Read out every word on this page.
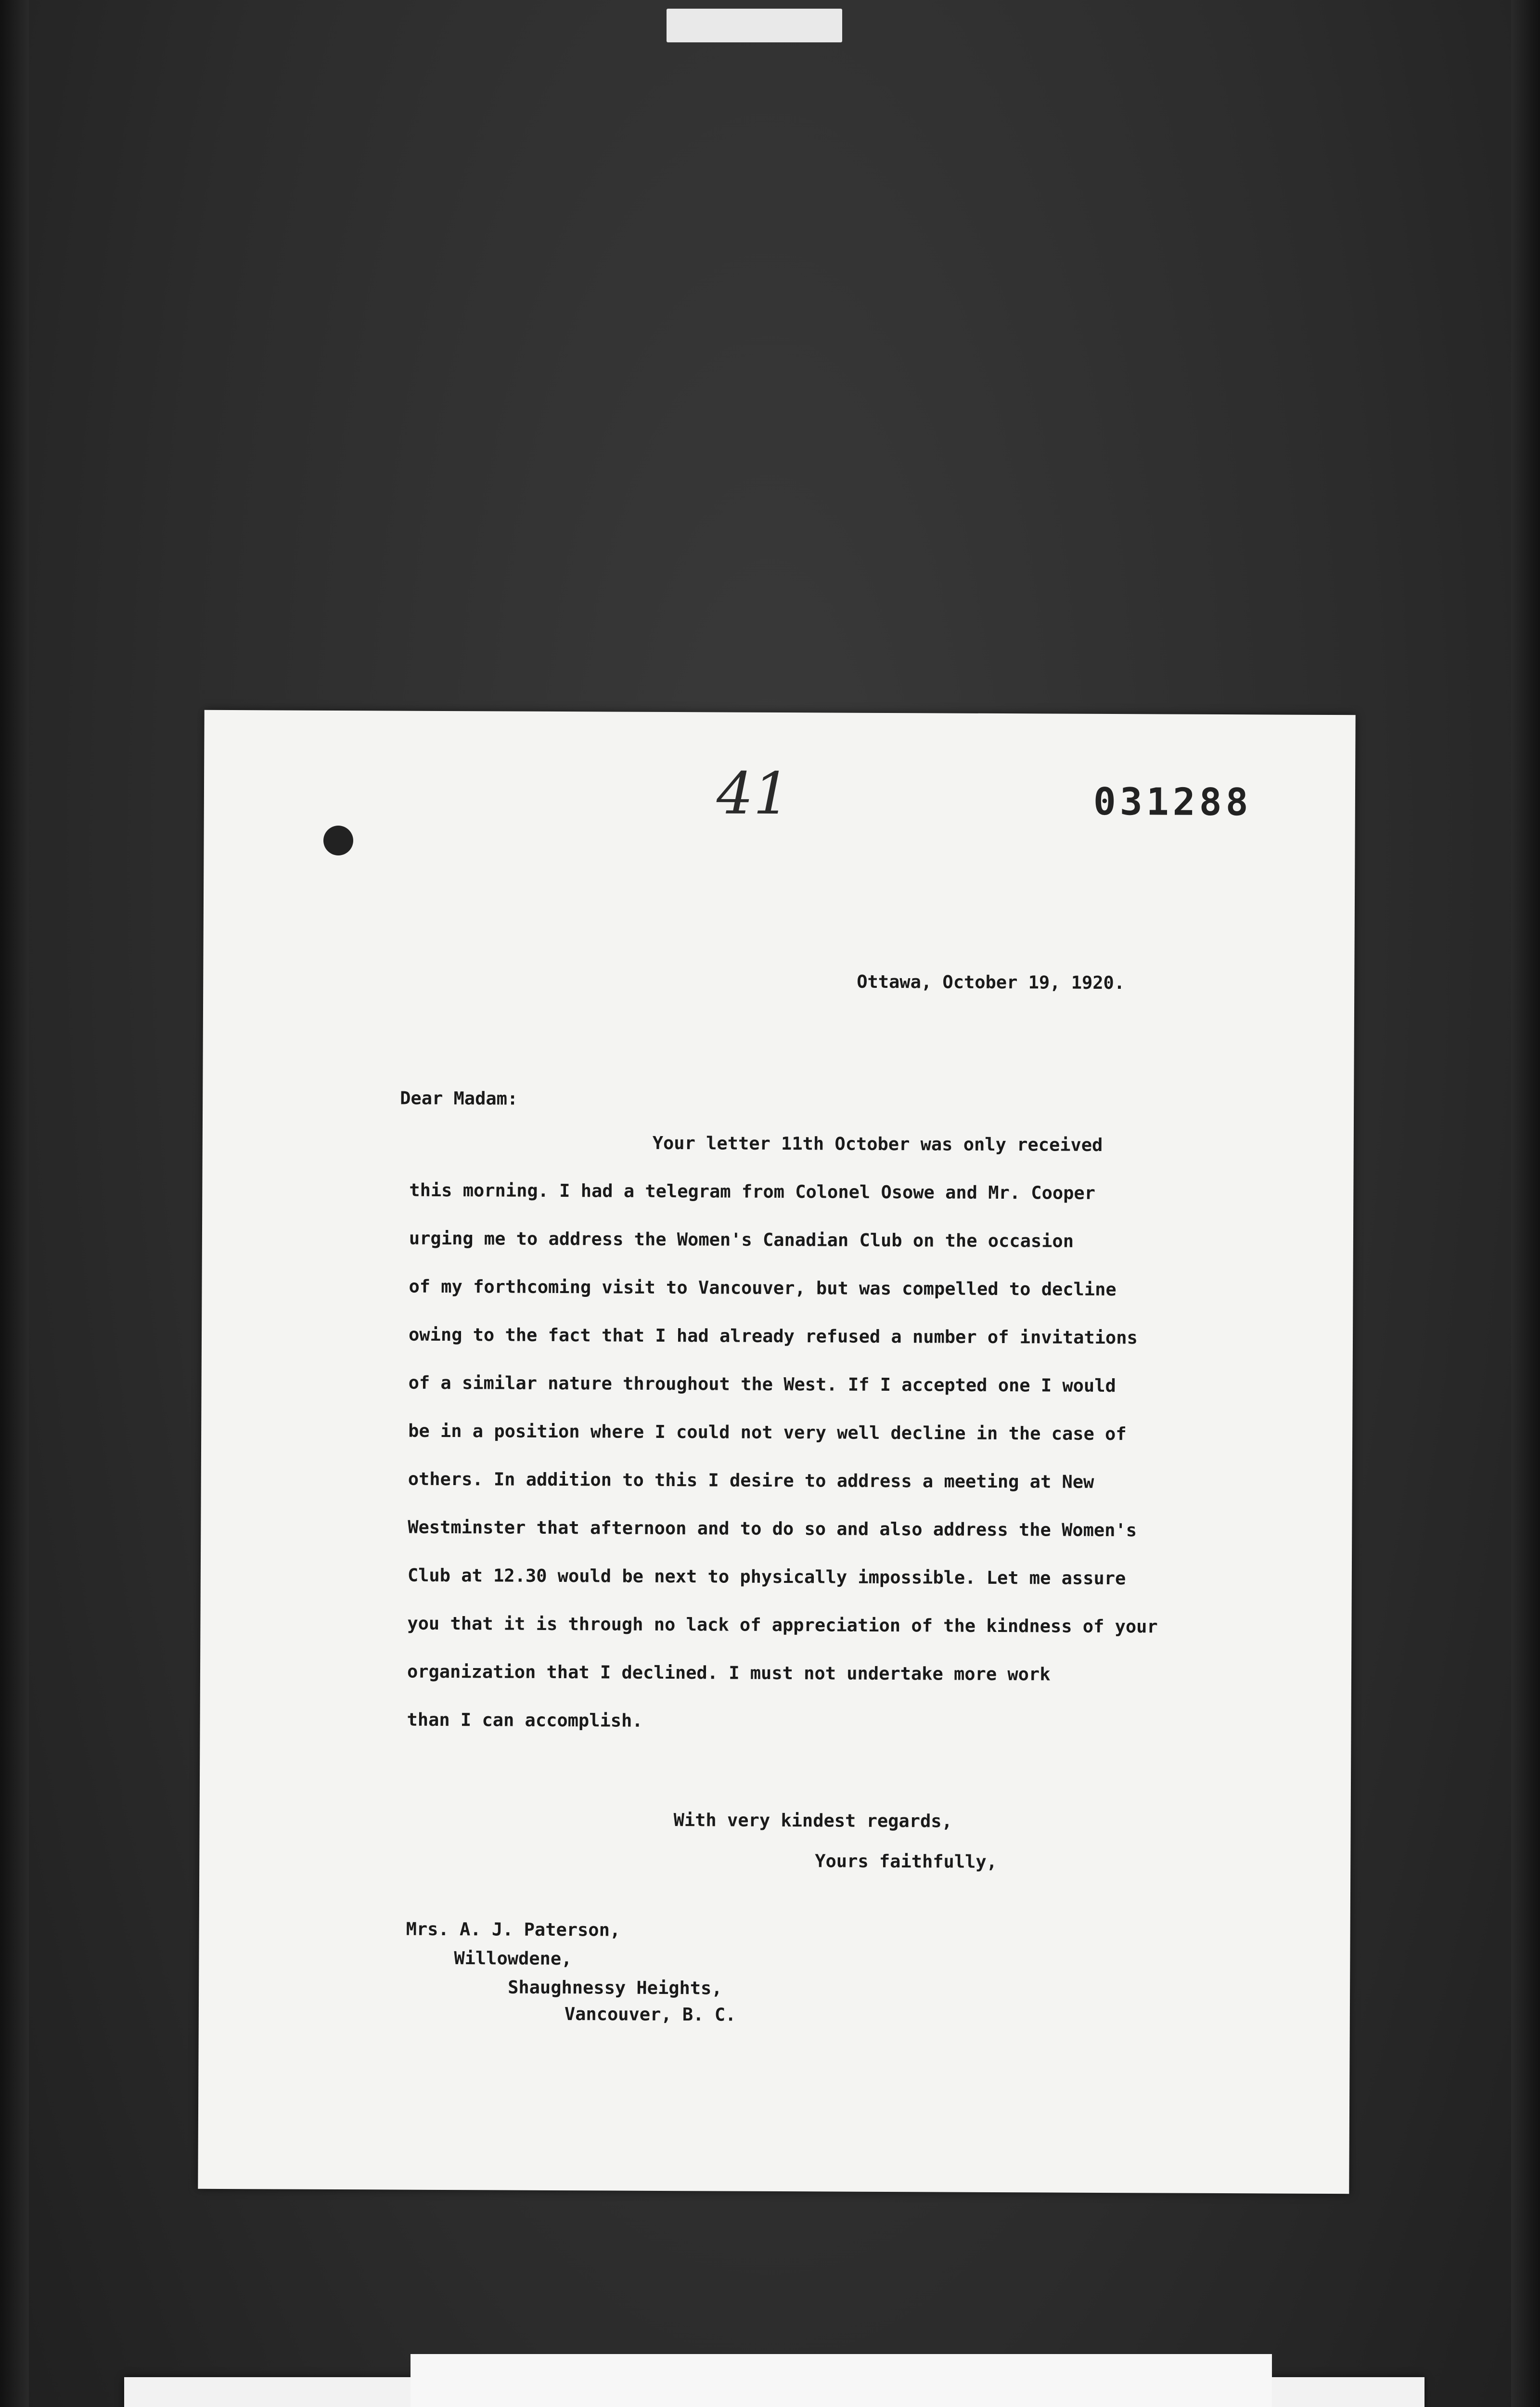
41	031288
Ottawa, October 19, 1920.
Dear Madam:
Your letter 11th October was only received
this morning. I had a telegram from Colonel Osowe and Mr. Cooper
urging me to address the Women's Canadian Club on the occasion
of my forthcoming visit to Vancouver, but was compelled to decline
owing to the fact that I had already refused a number of invitations
of a similar nature throughout the West. If I accepted one I would
be in a position where I could not very well decline in the case of
others. In addition to this I desire to address a meeting at New
Westminster that afternoon and to do so and also address the Women's
Club at 12.30 would be next to physically impossible. Let me assure
you that it is through no lack of appreciation of the kindness of your
organization that I declined. I must not undertake more work
than I can accomplish.
With very kindest regards,
Yours faithfully,
Mrs. A. J. Paterson,
Willowdene,
Shaughnessy Heights,
Vancouver, B. C.
